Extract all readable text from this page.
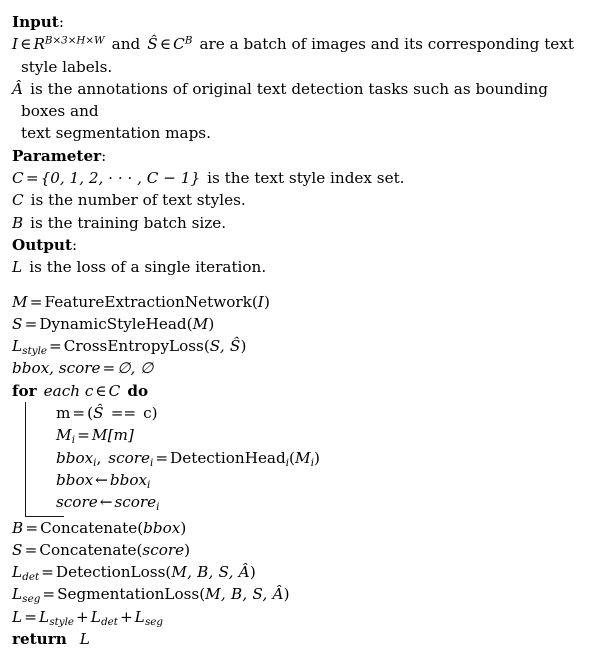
Input:
I ∈ $R^{B\times 3\times H\times W}$ and Ŝ ∈ $C^B$ are a batch of images and its corresponding text
style labels.
Â is the annotations of original text detection tasks such as bounding boxes and
text segmentation maps.
Parameter:
C = {0, 1, 2, · · · , C − 1} is the text style index set.
C is the number of text styles.
B is the training batch size.
Output:
L is the loss of a single iteration.
M = FeatureExtractionNetwork(I)
S = DynamicStyleHead(M)
$L_{style}$ = CrossEntropyLoss(S, Ŝ)
bbox, score = ∅, ∅
for each c ∈ C do
m = (Ŝ == c)
$M_i = M[m]$
bbox$_i$, score$_i$ = $DetectionHead_i(M_i)$
bbox ← bbox$_i$
score ← score$_i$
B = Concatenate(bbox)
S = Concatenate(score)
$L_{det}$ = DetectionLoss(M, B, S, Â)
$L_{seg}$ = SegmentationLoss(M, B, S, Â)
$L = L_{style} + L_{det} + L_{seg}$
return L
